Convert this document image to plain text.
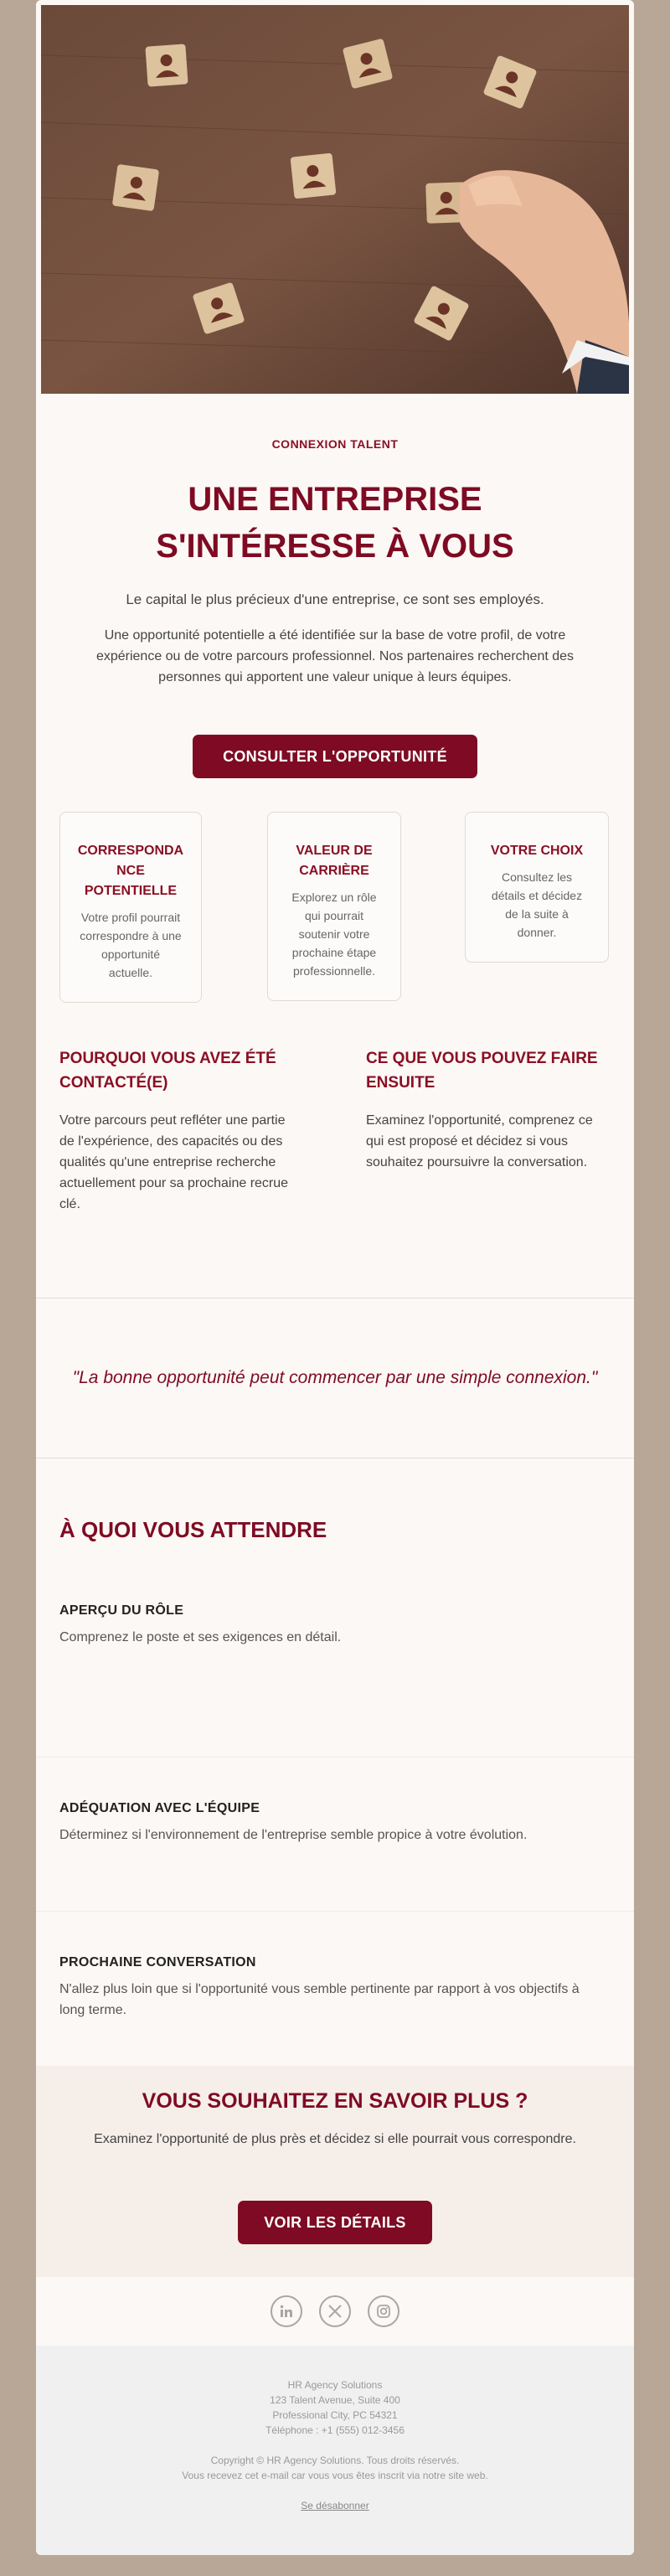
CONNEXION TALENT
UNE ENTREPRISE S'INTÉRESSE À VOUS

Le capital le plus précieux d'une entreprise, ce sont ses employés.

Une opportunité potentielle a été identifiée sur la base de votre profil, de votre expérience ou de votre parcours professionnel. Nos partenaires recherchent des personnes qui apportent une valeur unique à leurs équipes.

CONSULTER L'OPPORTUNITÉ
CORRESPONDA
NCE
POTENTIELLE

Votre profil pourrait
correspondre à une
opportunité
actuelle.

VALEUR DE
CARRIÈRE

Explorez un rôle
qui pourrait
soutenir votre
prochaine étape
professionnelle.

VOTRE CHOIX

Consultez les
détails et décidez
de la suite à
donner.

POURQUOI VOUS AVEZ ÉTÉ
CONTACTÉ(E)

Votre parcours peut refléter une partie
de l'expérience, des capacités ou des
qualités qu'une entreprise recherche
actuellement pour sa prochaine recrue
clé.

CE QUE VOUS POUVEZ FAIRE
ENSUITE

Examinez l'opportunité, comprenez ce
qui est proposé et décidez si vous
souhaitez poursuivre la conversation.

"La bonne opportunité peut commencer par une simple connexion."

À QUOI VOUS ATTENDRE
APERÇU DU RÔLE

Comprenez le poste et ses exigences en détail.

ADÉQUATION AVEC L'ÉQUIPE

Déterminez si l'environnement de l'entreprise semble propice à votre évolution.

PROCHAINE CONVERSATION

N'allez plus loin que si l'opportunité vous semble pertinente par rapport à vos objectifs à
long terme.

VOUS SOUHAITEZ EN SAVOIR PLUS ?

Examinez l'opportunité de plus près et décidez si elle pourrait vous correspondre.

VOIR LES DÉTAILS
HR Agency Solutions
123 Talent Avenue, Suite 400
Professional City, PC 54321
Téléphone : +1 (555) 012-3456
Copyright © HR Agency Solutions. Tous droits réservés.
Vous recevez cet e-mail car vous vous êtes inscrit via notre site web.
Se désabonner
